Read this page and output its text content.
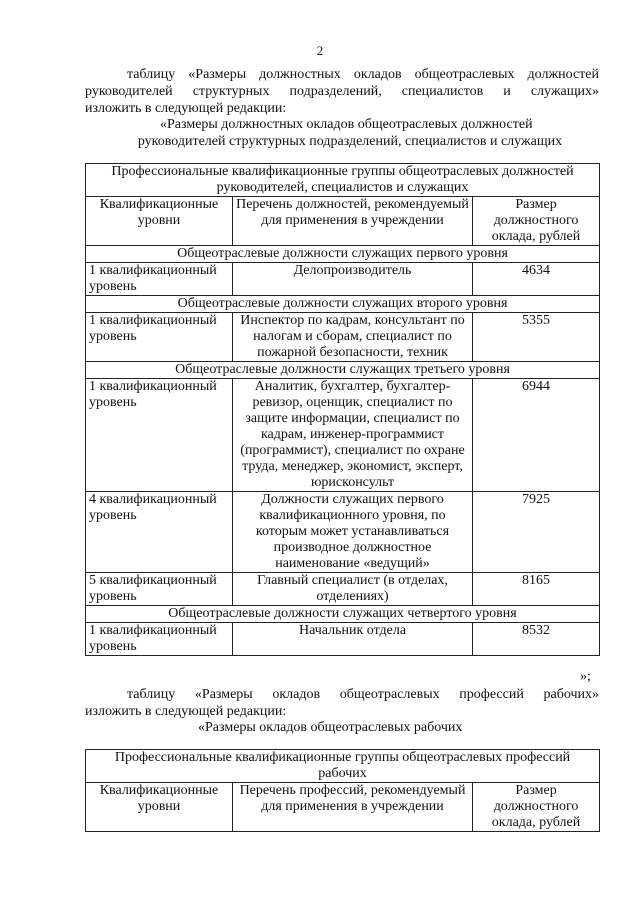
2
таблицу «Размеры должностных окладов общеотраслевых должностей
руководителей структурных подразделений, специалистов и служащих»
изложить в следующей редакции:
«Размеры должностных окладов общеотраслевых должностей
руководителей структурных подразделений, специалистов и служащих
Профессиональные квалификационные группы общеотраслевых должностей руководителей, специалистов и служащих		
Квалификационные уровни	Перечень должностей, рекомендуемый для применения в учреждении	Размер должностного оклада, рублей
Общеотраслевые должности служащих первого уровня		
1 квалификационный уровень	Делопроизводитель	4634
Общеотраслевые должности служащих второго уровня		
1 квалификационный уровень	Инспектор по кадрам, консультант по налогам и сборам, специалист по пожарной безопасности, техник	5355
Общеотраслевые должности служащих третьего уровня		
1 квалификационный уровень	Аналитик, бухгалтер, бухгалтер-ревизор, оценщик, специалист по защите информации, специалист по кадрам, инженер-программист (программист), специалист по охране труда, менеджер, экономист, эксперт, юрисконсульт	6944
4 квалификационный уровень	Должности служащих первого квалификационного уровня, по которым может устанавливаться производное должностное наименование «ведущий»	7925
5 квалификационный уровень	Главный специалист (в отделах, отделениях)	8165
Общеотраслевые должности служащих четвертого уровня		
1 квалификационный уровень	Начальник отдела	8532
»;
таблицу «Размеры окладов общеотраслевых профессий рабочих»
изложить в следующей редакции:
«Размеры окладов общеотраслевых рабочих
Профессиональные квалификационные группы общеотраслевых профессий рабочих
Квалификационные уровни	Перечень профессий, рекомендуемый для применения в учреждении	Размер должностного оклада, рублей
